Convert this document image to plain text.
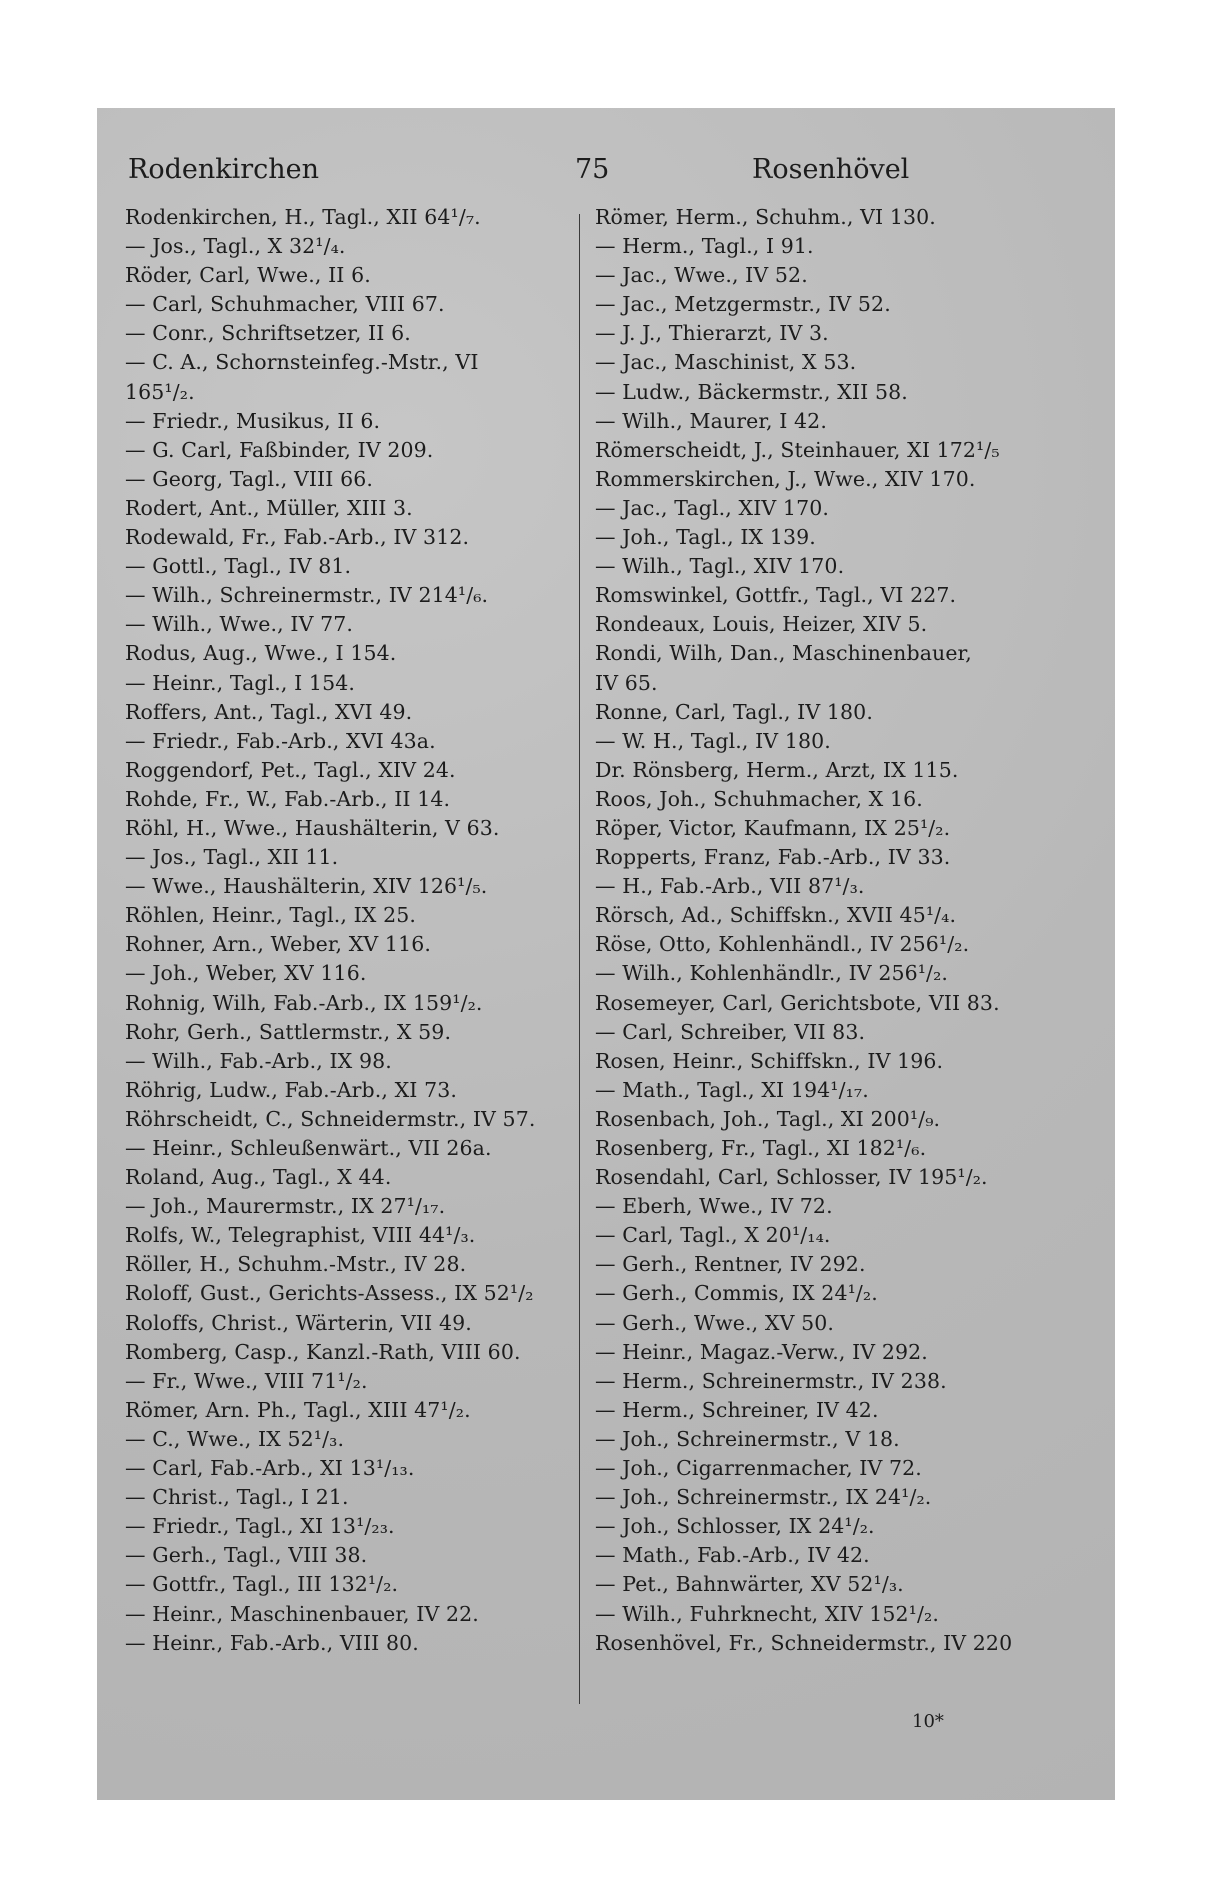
Rodenkirchen	75	Rosenhövel
Rodenkirchen, H., Tagl., XII 64¹/₇.
— Jos., Tagl., X 32¹/₄.
Röder, Carl, Wwe., II 6.
— Carl, Schuhmacher, VIII 67.
— Conr., Schriftsetzer, II 6.
— C. A., Schornsteinfeg.-Mstr., VI
165¹/₂.
— Friedr., Musikus, II 6.
— G. Carl, Faßbinder, IV 209.
— Georg, Tagl., VIII 66.
Rodert, Ant., Müller, XIII 3.
Rodewald, Fr., Fab.-Arb., IV 312.
— Gottl., Tagl., IV 81.
— Wilh., Schreinermstr., IV 214¹/₆.
— Wilh., Wwe., IV 77.
Rodus, Aug., Wwe., I 154.
— Heinr., Tagl., I 154.
Roffers, Ant., Tagl., XVI 49.
— Friedr., Fab.-Arb., XVI 43a.
Roggendorf, Pet., Tagl., XIV 24.
Rohde, Fr., W., Fab.-Arb., II 14.
Röhl, H., Wwe., Haushälterin, V 63.
— Jos., Tagl., XII 11.
— Wwe., Haushälterin, XIV 126¹/₅.
Röhlen, Heinr., Tagl., IX 25.
Rohner, Arn., Weber, XV 116.
— Joh., Weber, XV 116.
Rohnig, Wilh, Fab.-Arb., IX 159¹/₂.
Rohr, Gerh., Sattlermstr., X 59.
— Wilh., Fab.-Arb., IX 98.
Röhrig, Ludw., Fab.-Arb., XI 73.
Röhrscheidt, C., Schneidermstr., IV 57.
— Heinr., Schleußenwärt., VII 26a.
Roland, Aug., Tagl., X 44.
— Joh., Maurermstr., IX 27¹/₁₇.
Rolfs, W., Telegraphist, VIII 44¹/₃.
Röller, H., Schuhm.-Mstr., IV 28.
Roloff, Gust., Gerichts-Assess., IX 52¹/₂
Roloffs, Christ., Wärterin, VII 49.
Romberg, Casp., Kanzl.-Rath, VIII 60.
— Fr., Wwe., VIII 71¹/₂.
Römer, Arn. Ph., Tagl., XIII 47¹/₂.
— C., Wwe., IX 52¹/₃.
— Carl, Fab.-Arb., XI 13¹/₁₃.
— Christ., Tagl., I 21.
— Friedr., Tagl., XI 13¹/₂₃.
— Gerh., Tagl., VIII 38.
— Gottfr., Tagl., III 132¹/₂.
— Heinr., Maschinenbauer, IV 22.
— Heinr., Fab.-Arb., VIII 80.
Römer, Herm., Schuhm., VI 130.
— Herm., Tagl., I 91.
— Jac., Wwe., IV 52.
— Jac., Metzgermstr., IV 52.
— J. J., Thierarzt, IV 3.
— Jac., Maschinist, X 53.
— Ludw., Bäckermstr., XII 58.
— Wilh., Maurer, I 42.
Römerscheidt, J., Steinhauer, XI 172¹/₅
Rommerskirchen, J., Wwe., XIV 170.
— Jac., Tagl., XIV 170.
— Joh., Tagl., IX 139.
— Wilh., Tagl., XIV 170.
Romswinkel, Gottfr., Tagl., VI 227.
Rondeaux, Louis, Heizer, XIV 5.
Rondi, Wilh, Dan., Maschinenbauer,
IV 65.
Ronne, Carl, Tagl., IV 180.
— W. H., Tagl., IV 180.
Dr. Rönsberg, Herm., Arzt, IX 115.
Roos, Joh., Schuhmacher, X 16.
Röper, Victor, Kaufmann, IX 25¹/₂.
Ropperts, Franz, Fab.-Arb., IV 33.
— H., Fab.-Arb., VII 87¹/₃.
Rörsch, Ad., Schiffskn., XVII 45¹/₄.
Röse, Otto, Kohlenhändl., IV 256¹/₂.
— Wilh., Kohlenhändlr., IV 256¹/₂.
Rosemeyer, Carl, Gerichtsbote, VII 83.
— Carl, Schreiber, VII 83.
Rosen, Heinr., Schiffskn., IV 196.
— Math., Tagl., XI 194¹/₁₇.
Rosenbach, Joh., Tagl., XI 200¹/₉.
Rosenberg, Fr., Tagl., XI 182¹/₆.
Rosendahl, Carl, Schlosser, IV 195¹/₂.
— Eberh, Wwe., IV 72.
— Carl, Tagl., X 20¹/₁₄.
— Gerh., Rentner, IV 292.
— Gerh., Commis, IX 24¹/₂.
— Gerh., Wwe., XV 50.
— Heinr., Magaz.-Verw., IV 292.
— Herm., Schreinermstr., IV 238.
— Herm., Schreiner, IV 42.
— Joh., Schreinermstr., V 18.
— Joh., Cigarrenmacher, IV 72.
— Joh., Schreinermstr., IX 24¹/₂.
— Joh., Schlosser, IX 24¹/₂.
— Math., Fab.-Arb., IV 42.
— Pet., Bahnwärter, XV 52¹/₃.
— Wilh., Fuhrknecht, XIV 152¹/₂.
Rosenhövel, Fr., Schneidermstr., IV 220
10*
